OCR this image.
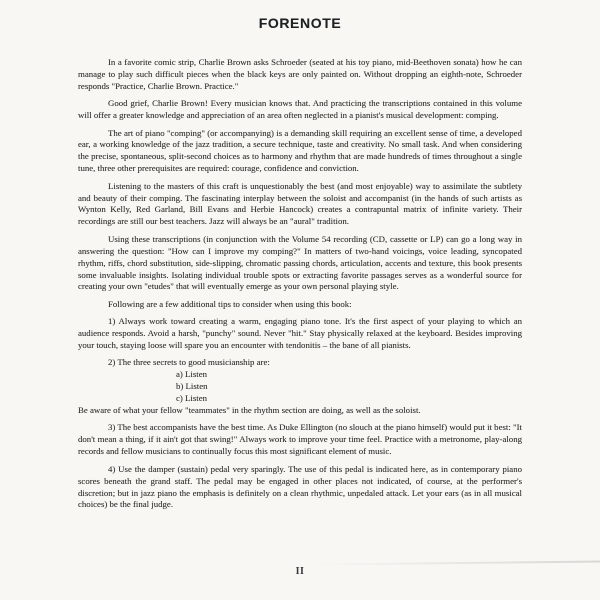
FORENOTE

In a favorite comic strip, Charlie Brown asks Schroeder (seated at his toy piano, mid-Beethoven sonata) how he can manage to play such difficult pieces when the black keys are only painted on. Without dropping an eighth-note, Schroeder responds "Practice, Charlie Brown. Practice."

Good grief, Charlie Brown! Every musician knows that. And practicing the transcriptions contained in this volume will offer a greater knowledge and appreciation of an area often neglected in a pianist's musical development: comping.

The art of piano "comping" (or accompanying) is a demanding skill requiring an excellent sense of time, a developed ear, a working knowledge of the jazz tradition, a secure technique, taste and creativity. No small task. And when considering the precise, spontaneous, split-second choices as to harmony and rhythm that are made hundreds of times throughout a single tune, three other prerequisites are required: courage, confidence and conviction.

Listening to the masters of this craft is unquestionably the best (and most enjoyable) way to assimilate the subtlety and beauty of their comping. The fascinating interplay between the soloist and accompanist (in the hands of such artists as Wynton Kelly, Red Garland, Bill Evans and Herbie Hancock) creates a contrapuntal matrix of infinite variety. Their recordings are still our best teachers. Jazz will always be an "aural" tradition.

Using these transcriptions (in conjunction with the Volume 54 recording (CD, cassette or LP) can go a long way in answering the question: "How can I improve my comping?" In matters of two-hand voicings, voice leading, syncopated rhythm, riffs, chord substitution, side-slipping, chromatic passing chords, articulation, accents and texture, this book presents some invaluable insights. Isolating individual trouble spots or extracting favorite passages serves as a wonderful source for creating your own "etudes" that will eventually emerge as your own personal playing style.

Following are a few additional tips to consider when using this book:

1) Always work toward creating a warm, engaging piano tone. It's the first aspect of your playing to which an audience responds. Avoid a harsh, "punchy" sound. Never "hit." Stay physically relaxed at the keyboard. Besides improving your touch, staying loose will spare you an encounter with tendonitis – the bane of all pianists.

2) The three secrets to good musicianship are:

a) Listen
b) Listen
c) Listen

Be aware of what your fellow "teammates" in the rhythm section are doing, as well as the soloist.

3) The best accompanists have the best time. As Duke Ellington (no slouch at the piano himself) would put it best: "It don't mean a thing, if it ain't got that swing!" Always work to improve your time feel. Practice with a metronome, play-along records and fellow musicians to continually focus this most significant element of music.

4) Use the damper (sustain) pedal very sparingly. The use of this pedal is indicated here, as in contemporary piano scores beneath the grand staff. The pedal may be engaged in other places not indicated, of course, at the performer's discretion; but in jazz piano the emphasis is definitely on a clean rhythmic, unpedaled attack. Let your ears (as in all musical choices) be the final judge.

II
